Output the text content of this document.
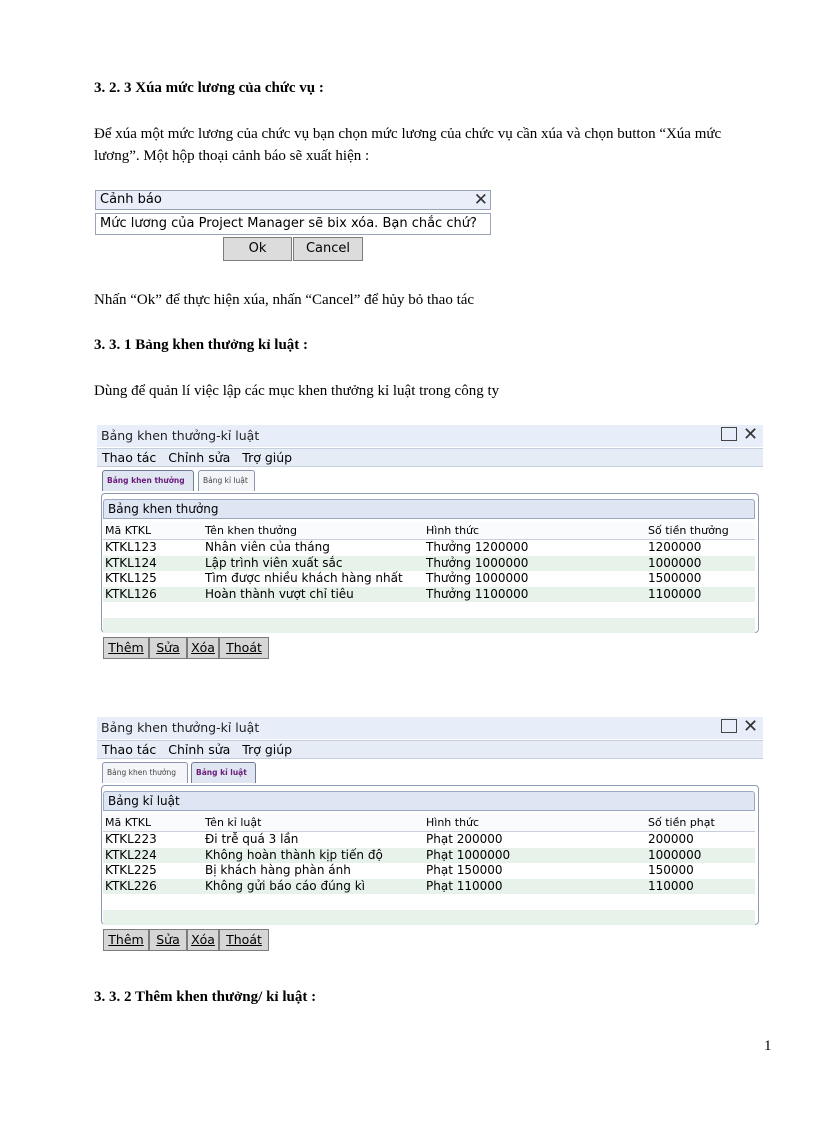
3. 2. 3 Xúa mức lương của chức vụ :
Để xúa một mức lương của chức vụ bạn chọn mức lương của chức vụ cần xúa và chọn button “Xúa mức
lương”. Một hộp thoại cảnh báo sẽ xuất hiện :
Cảnh báo	✕
Mức lương của Project Manager sẽ bix xóa. Bạn chắc chứ?
Ok	Cancel
Nhấn “Ok” để thực hiện xúa, nhấn “Cancel” để hủy bỏ thao tác
3. 3. 1 Bảng khen thưởng kỉ luật :
Dùng để quản lí việc lập các mục khen thưởng kỉ luật trong công ty
Bảng khen thưởng-kỉ luật	✕
Thao tác Chỉnh sửa Trợ giúp
Bảng khen thưởng	Bảng kỉ luật
Bảng khen thưởng
Mã KTKL	Tên khen thưởng	Hình thức	Số tiền thưởng
KTKL123	Nhân viên của tháng	Thưởng 1200000	1200000
KTKL124	Lập trình viên xuất sắc	Thưởng 1000000	1000000
KTKL125	Tìm được nhiều khách hàng nhất Thưởng 1000000	1500000
KTKL126	Hoàn thành vượt chỉ tiêu	Thưởng 1100000	1100000
Thêm	Sửa Xóa Thoát
Bảng khen thưởng-kỉ luật	✕
Thao tác Chỉnh sửa Trợ giúp
Bảng khen thưởng	Bảng kỉ luật
Bảng kỉ luật
Mã KTKL	Tên kỉ luật	Hình thức	Số tiền phạt
KTKL223	Đi trễ quá 3 lần	Phạt 200000	200000
KTKL224	Không hoàn thành kịp tiến độ	Phạt 1000000	1000000
KTKL225	Bị khách hàng phàn ánh	Phạt 150000	150000
KTKL226	Không gửi báo cáo đúng kì	Phạt 110000	110000
Thêm	Sửa Xóa Thoát
3. 3. 2 Thêm khen thưởng/ kỉ luật :
1
